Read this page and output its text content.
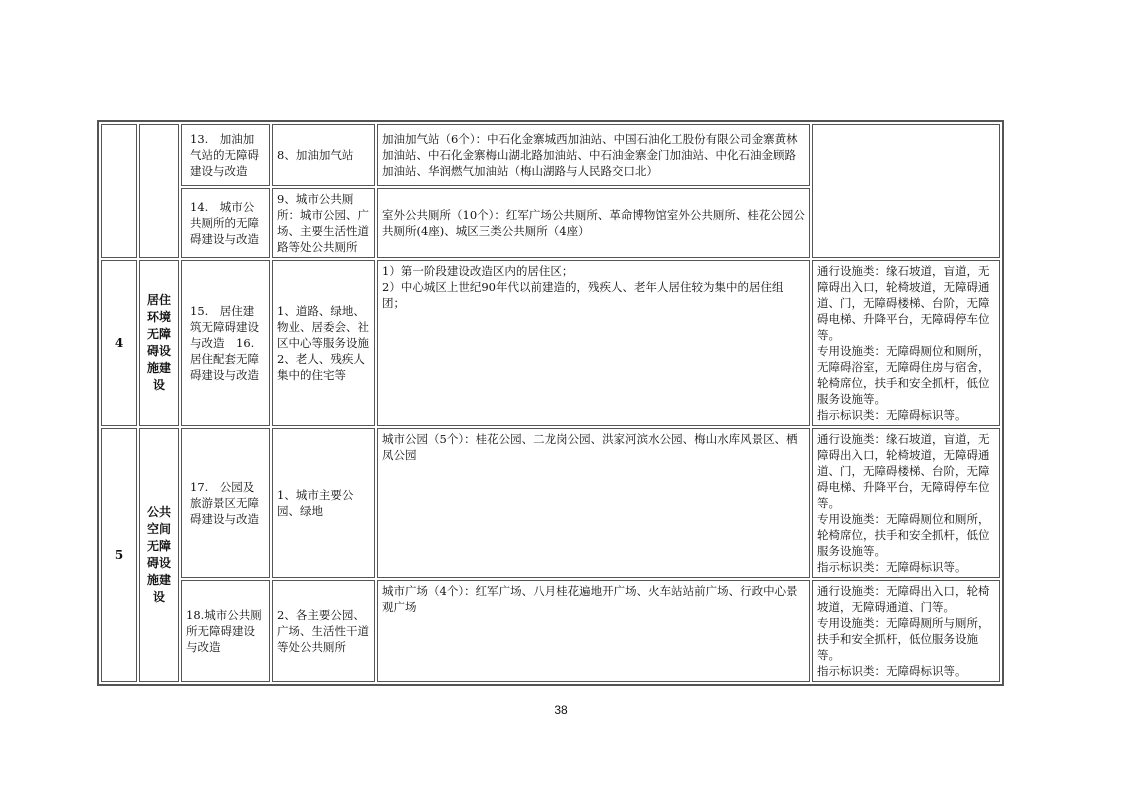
		13.　加油加气站的无障碍建设与改造	8、加油加气站	加油加气站（6个）：中石化金寨城西加油站、中国石油化工股份有限公司金寨黄林加油站、中石化金寨梅山湖北路加油站、中石油金寨金门加油站、中化石油金顾路加油站、华润燃气加油站（梅山湖路与人民路交口北）	

		14.　城市公共厕所的无障碍建设与改造	9、城市公共厕所：城市公园、广场、主要生活性道路等处公共厕所	室外公共厕所（10个）：红军广场公共厕所、革命博物馆室外公共厕所、桂花公园公共厕所(4座)、城区三类公共厕所（4座）	

4	居住环境无障碍设施建设	15.　居住建筑无障碍建设与改造　16.　居住配套无障碍建设与改造	1、道路、绿地、物业、居委会、社区中心等服务设施　2、老人、残疾人集中的住宅等	1）第一阶段建设改造区内的居住区；
2）中心城区上世纪90年代以前建造的，残疾人、老年人居住较为集中的居住组团；	通行设施类：缘石坡道，盲道，无障碍出入口，轮椅坡道，无障碍通道、门，无障碍楼梯、台阶，无障碍电梯、升降平台，无障碍停车位等。
专用设施类：无障碍厕位和厕所，无障碍浴室，无障碍住房与宿舍，轮椅席位，扶手和安全抓杆，低位服务设施等。
指示标识类：无障碍标识等。

5	公共空间无障碍设施建设	17.　公园及旅游景区无障碍建设与改造	1、城市主要公园、绿地	城市公园（5个）：桂花公园、二龙岗公园、洪家河滨水公园、梅山水库风景区、栖凤公园	通行设施类：缘石坡道，盲道，无障碍出入口，轮椅坡道，无障碍通道、门，无障碍楼梯、台阶，无障碍电梯、升降平台，无障碍停车位等。
专用设施类：无障碍厕位和厕所，轮椅席位，扶手和安全抓杆，低位服务设施等。
指示标识类：无障碍标识等。

		18.城市公共厕所无障碍建设与改造	2、各主要公园、广场、生活性干道等处公共厕所	城市广场（4个）：红军广场、八月桂花遍地开广场、火车站站前广场、行政中心景观广场	通行设施类：无障碍出入口，轮椅坡道，无障碍通道、门等。
专用设施类：无障碍厕所与厕所，扶手和安全抓杆，低位服务设施等。
指示标识类：无障碍标识等。
38
